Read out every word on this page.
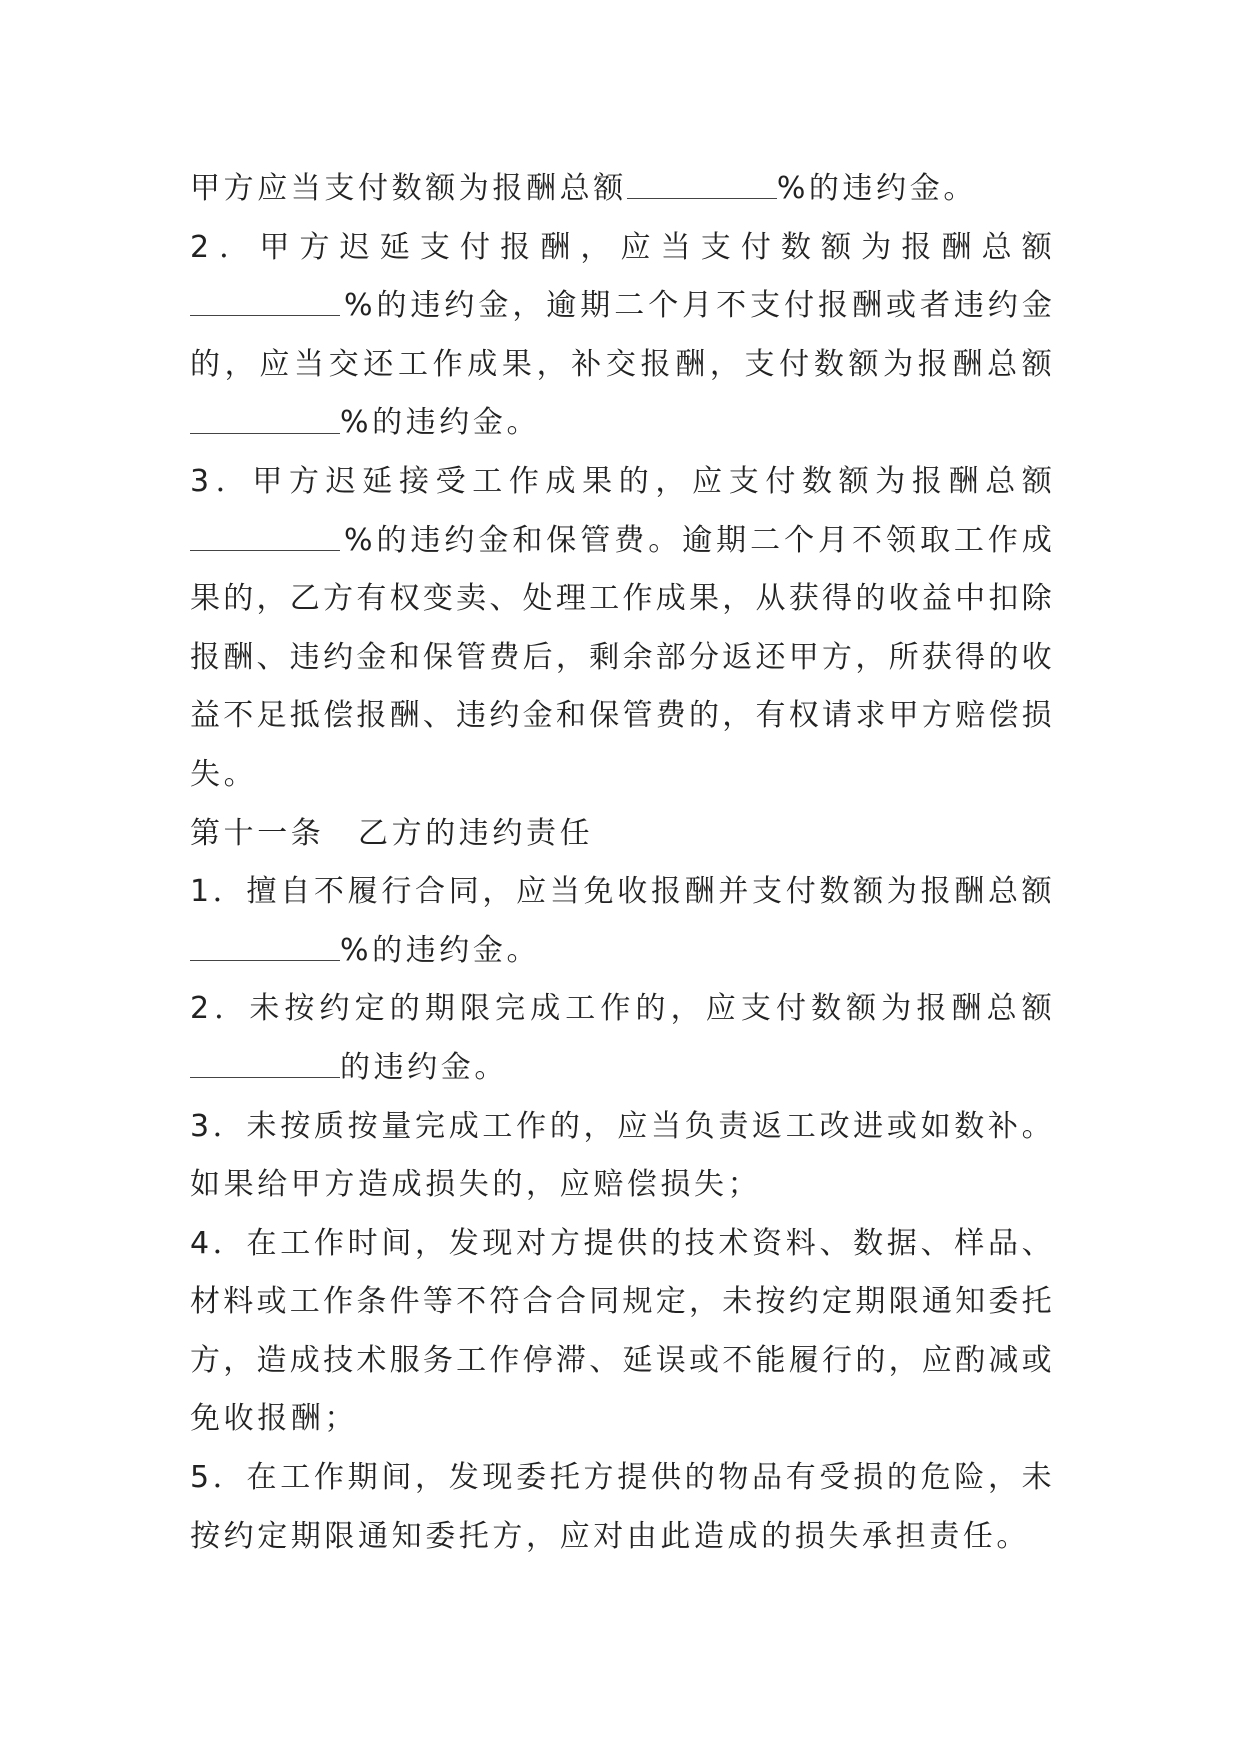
甲方应当支付数额为报酬总额	%的违约金。
2 ． 甲 方 迟 延 支 付 报 酬 ， 应 当 支 付 数 额 为 报 酬 总 额
% 的 违 约 金 ， 逾 期 二 个 月 不 支 付 报 酬 或 者 违 约 金
的 ， 应 当 交 还 工 作 成 果 ， 补 交 报 酬 ， 支 付 数 额 为 报 酬 总 额
%的违约金。
3 ． 甲 方 迟 延 接 受 工 作 成 果 的 ， 应 支 付 数 额 为 报 酬 总 额
% 的 违 约 金 和 保 管 费 。 逾 期 二 个 月 不 领 取 工 作 成
果 的 ， 乙 方 有 权 变 卖 、 处 理 工 作 成 果 ， 从 获 得 的 收 益 中 扣 除
报 酬 、 违 约 金 和 保 管 费 后 ， 剩 余 部 分 返 还 甲 方 ， 所 获 得 的 收
益 不 足 抵 偿 报 酬 、 违 约 金 和 保 管 费 的 ， 有 权 请 求 甲 方 赔 偿 损
失。
第十一条　乙方的违约责任
1 ． 擅 自 不 履 行 合 同 ， 应 当 免 收 报 酬 并 支 付 数 额 为 报 酬 总 额
%的违约金。
2 ． 未 按 约 定 的 期 限 完 成 工 作 的 ， 应 支 付 数 额 为 报 酬 总 额
的违约金。
3 ． 未 按 质 按 量 完 成 工 作 的 ， 应 当 负 责 返 工 改 进 或 如 数 补 。
如果给甲方造成损失的，应赔偿损失；
4 ． 在 工 作 时 间 ， 发 现 对 方 提 供 的 技 术 资 料 、 数 据 、 样 品 、
材 料 或 工 作 条 件 等 不 符 合 合 同 规 定 ， 未 按 约 定 期 限 通 知 委 托
方 ， 造 成 技 术 服 务 工 作 停 滞 、 延 误 或 不 能 履 行 的 ， 应 酌 减 或
免收报酬；
5 ． 在 工 作 期 间 ， 发 现 委 托 方 提 供 的 物 品 有 受 损 的 危 险 ， 未
按约定期限通知委托方，应对由此造成的损失承担责任。
